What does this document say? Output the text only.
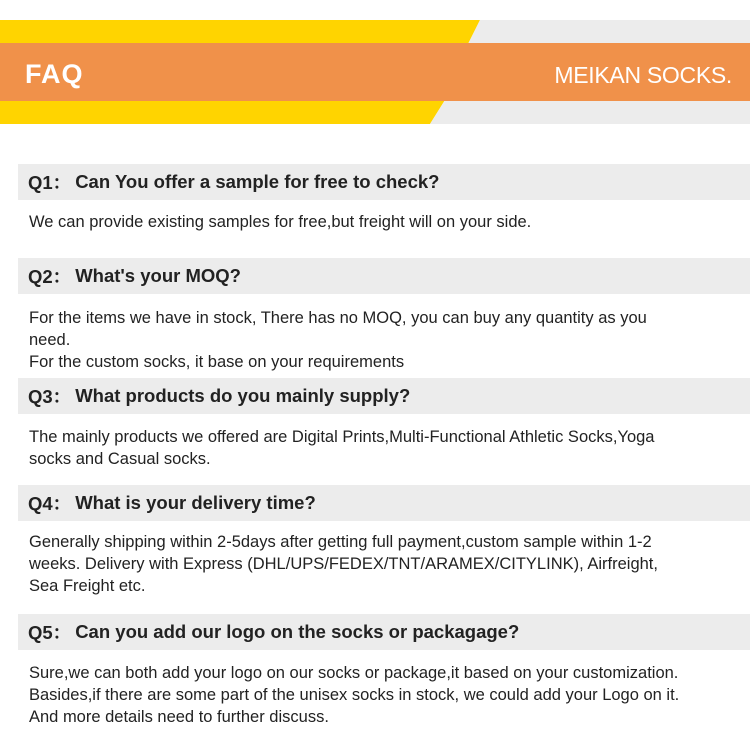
FAQ	MEIKAN SOCKS.
Q1： Can You offer a sample for free to check?
We can provide existing samples for free,but freight will on your side.
Q2： What's your MOQ?
For the items we have in stock, There has no MOQ, you can buy any quantity as you
need.
For the custom socks, it base on your requirements
Q3： What products do you mainly supply?
The mainly products we offered are Digital Prints,Multi-Functional Athletic Socks,Yoga
socks and Casual socks.
Q4： What is your delivery time?
Generally shipping within 2-5days after getting full payment,custom sample within 1-2
weeks. Delivery with Express (DHL/UPS/FEDEX/TNT/ARAMEX/CITYLINK), Airfreight,
Sea Freight etc.
Q5： Can you add our logo on the socks or packagage?
Sure,we can both add your logo on our socks or package,it based on your customization.
Basides,if there are some part of the unisex socks in stock, we could add your Logo on it.
And more details need to further discuss.
